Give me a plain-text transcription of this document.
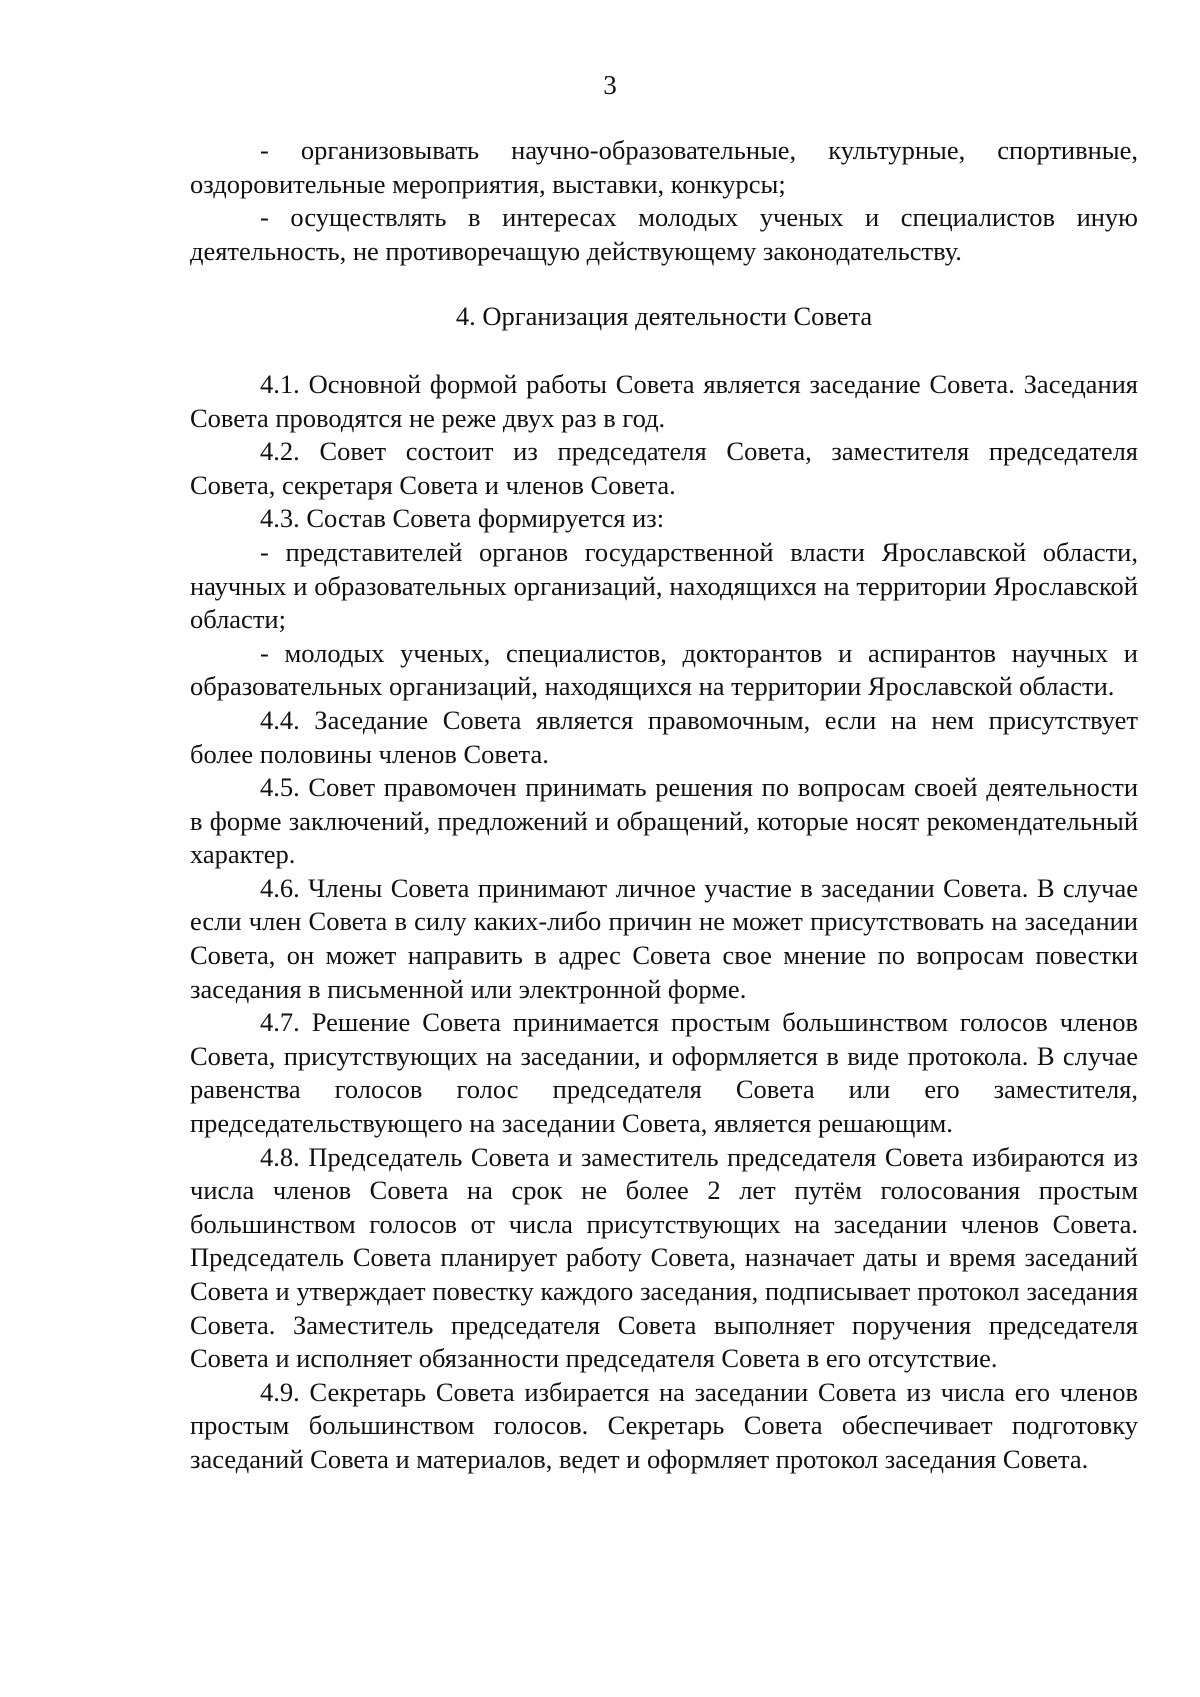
3

- организовывать научно-образовательные, культурные, спортивные, оздоровительные мероприятия, выставки, конкурсы;

- осуществлять в интересах молодых ученых и специалистов иную деятельность, не противоречащую действующему законодательству.

4. Организация деятельности Совета

4.1. Основной формой работы Совета является заседание Совета. Заседания Совета проводятся не реже двух раз в год.

4.2. Совет состоит из председателя Совета, заместителя председателя Совета, секретаря Совета и членов Совета.

4.3. Состав Совета формируется из:

- представителей органов государственной власти Ярославской области, научных и образовательных организаций, находящихся на территории Ярославской области;

- молодых ученых, специалистов, докторантов и аспирантов научных и образовательных организаций, находящихся на территории Ярославской области.

4.4. Заседание Совета является правомочным, если на нем присутствует более половины членов Совета.

4.5. Совет правомочен принимать решения по вопросам своей деятельности в форме заключений, предложений и обращений, которые носят рекомендательный характер.

4.6. Члены Совета принимают личное участие в заседании Совета. В случае если член Совета в силу каких-либо причин не может присутствовать на заседании Совета, он может направить в адрес Совета свое мнение по вопросам повестки заседания в письменной или электронной форме.

4.7. Решение Совета принимается простым большинством голосов членов Совета, присутствующих на заседании, и оформляется в виде протокола. В случае равенства голосов голос председателя Совета или его заместителя, председательствующего на заседании Совета, является решающим.

4.8. Председатель Совета и заместитель председателя Совета избираются из числа членов Совета на срок не более 2 лет путём голосования простым большинством голосов от числа присутствующих на заседании членов Совета. Председатель Совета планирует работу Совета, назначает даты и время заседаний Совета и утверждает повестку каждого заседания, подписывает протокол заседания Совета. Заместитель председателя Совета выполняет поручения председателя Совета и исполняет обязанности председателя Совета в его отсутствие.

4.9. Секретарь Совета избирается на заседании Совета из числа его членов простым большинством голосов. Секретарь Совета обеспечивает подготовку заседаний Совета и материалов, ведет и оформляет протокол заседания Совета.
